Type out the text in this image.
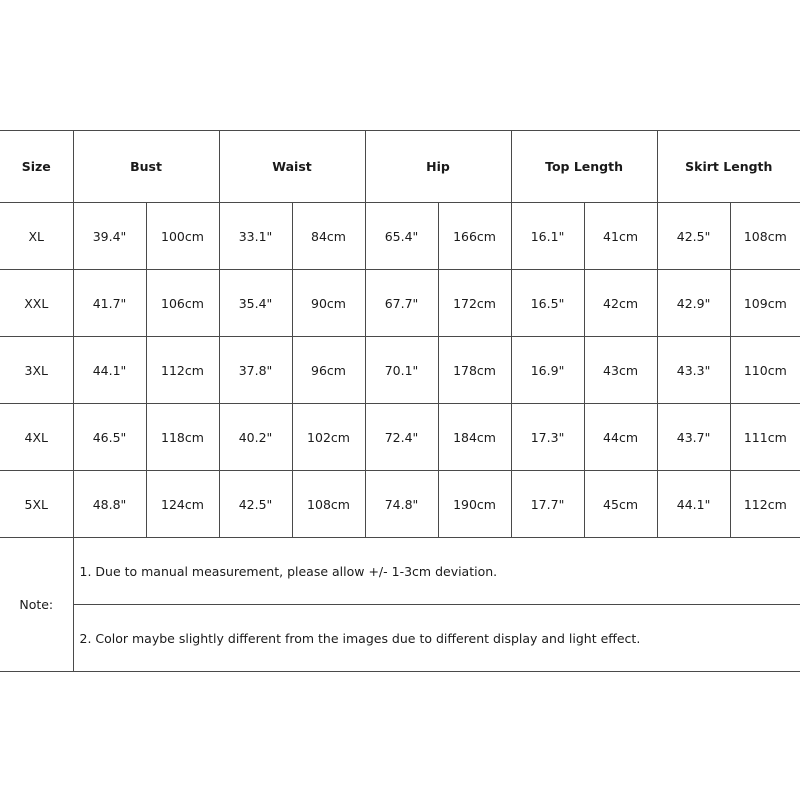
Size	Bust		Waist		Hip		Top Length		Skirt Length	
XL	39.4"	100cm	33.1"	84cm	65.4"	166cm	16.1"	41cm	42.5"	108cm
XXL	41.7"	106cm	35.4"	90cm	67.7"	172cm	16.5"	42cm	42.9"	109cm
3XL	44.1"	112cm	37.8"	96cm	70.1"	178cm	16.9"	43cm	43.3"	110cm
4XL	46.5"	118cm	40.2"	102cm	72.4"	184cm	17.3"	44cm	43.7"	111cm
5XL	48.8"	124cm	42.5"	108cm	74.8"	190cm	17.7"	45cm	44.1"	112cm
Note:	1. Due to manual measurement, please allow +/- 1-3cm deviation.									
	2. Color maybe slightly different from the images due to different display and light effect.									
